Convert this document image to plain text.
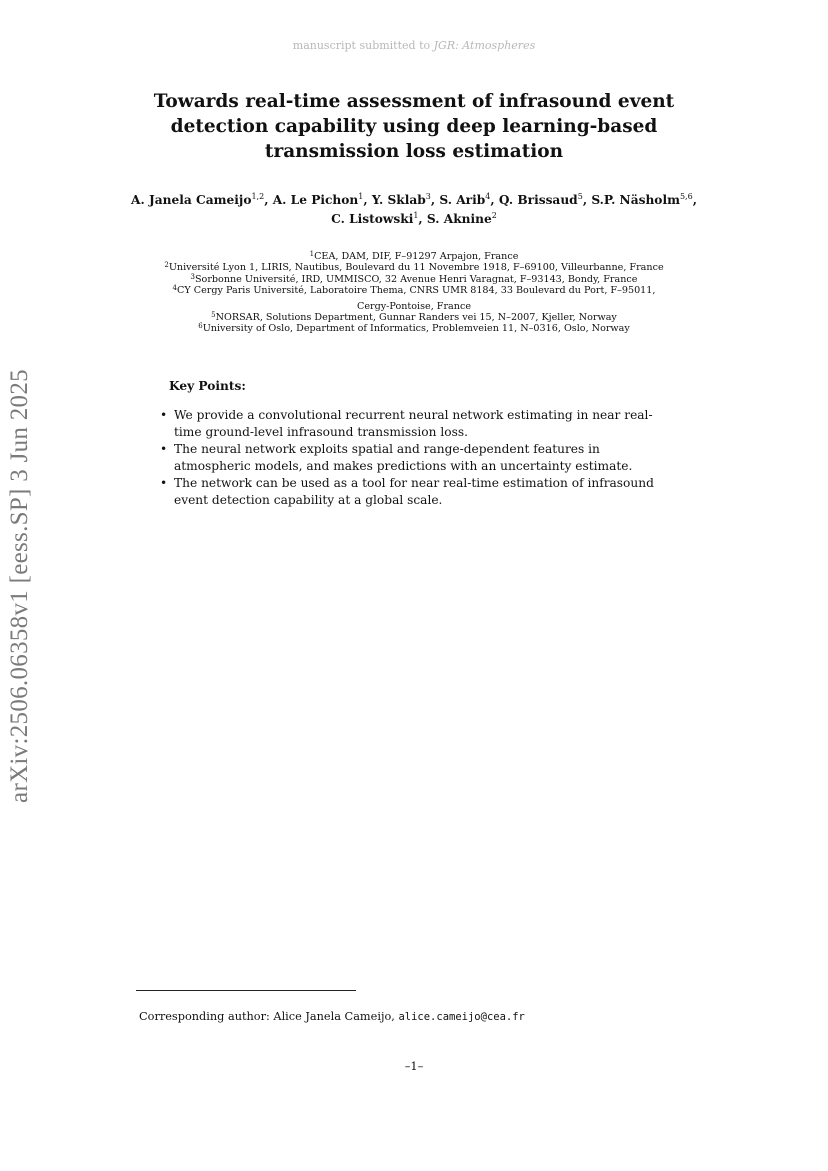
manuscript submitted to JGR: Atmospheres
Towards real-time assessment of infrasound event detection capability using deep learning-based transmission loss estimation
A. Janela Cameijo$^{1,2}$, A. Le Pichon$^1$, Y. Sklab$^3$, S. Arib$^4$, Q. Brissaud$^5$, S.P. Näsholm$^{5,6}$, C. Listowski$^1$, S. Aknine$^2$
$^1$CEA, DAM, DIF, F–91297 Arpajon, France
$^2$Université Lyon 1, LIRIS, Nautibus, Boulevard du 11 Novembre 1918, F–69100, Villeurbanne, France
$^3$Sorbonne Université, IRD, UMMISCO, 32 Avenue Henri Varagnat, F–93143, Bondy, France
$^4$CY Cergy Paris Université, Laboratoire Thema, CNRS UMR 8184, 33 Boulevard du Port, F–95011,
Cergy-Pontoise, France
$^5$NORSAR, Solutions Department, Gunnar Randers vei 15, N–2007, Kjeller, Norway
$^6$University of Oslo, Department of Informatics, Problemveien 11, N–0316, Oslo, Norway
arXiv:2506.06358v1 [eess.SP] 3 Jun 2025	Key Points:
• We provide a convolutional recurrent neural network estimating in near real-time ground-level infrasound transmission loss.
• The neural network exploits spatial and range-dependent features in atmospheric models, and makes predictions with an uncertainty estimate.
• The network can be used as a tool for near real-time estimation of infrasound event detection capability at a global scale.
Corresponding author: Alice Janela Cameijo, alice.cameijo@cea.fr
–1–
